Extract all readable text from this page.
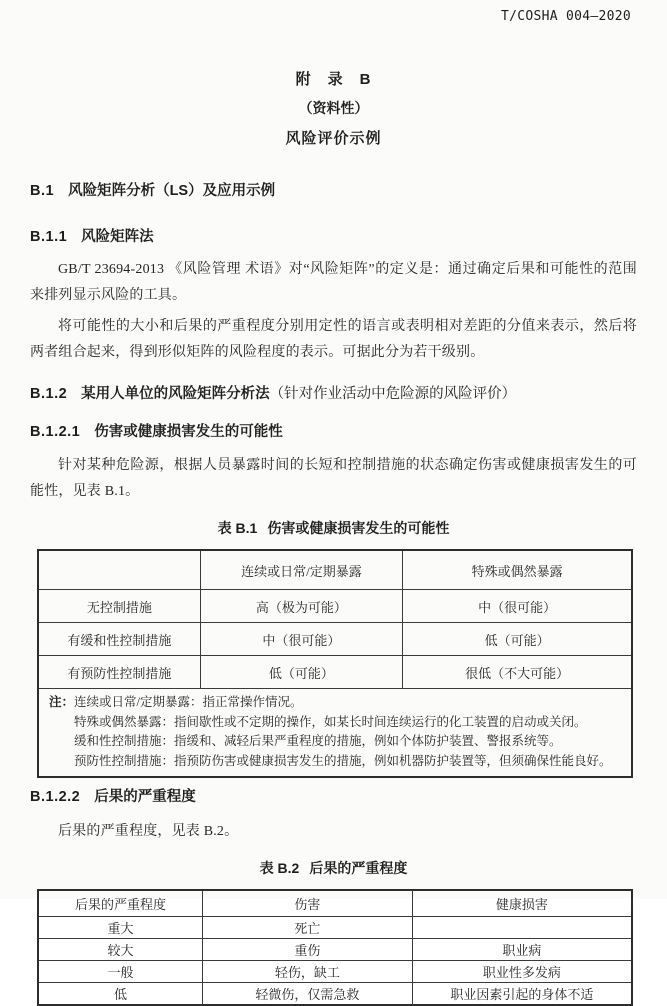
T/COSHA 004—2020
附　录　B
（资料性）
风险评价示例
B.1 风险矩阵分析（LS）及应用示例
B.1.1 风险矩阵法

GB/T 23694-2013 《风险管理 术语》对“风险矩阵”的定义是：通过确定后果和可能性的范围来排列显示风险的工具。

将可能性的大小和后果的严重程度分别用定性的语言或表明相对差距的分值来表示，然后将两者组合起来，得到形似矩阵的风险程度的表示。可据此分为若干级别。

B.1.2 某用人单位的风险矩阵分析法 （针对作业活动中危险源的风险评价）
B.1.2.1 伤害或健康损害发生的可能性

针对某种危险源，根据人员暴露时间的长短和控制措施的状态确定伤害或健康损害发生的可能性，见表 B.1。

表 B.1 伤害或健康损害发生的可能性
	连续或日常/定期暴露	特殊或偶然暴露
无控制措施	高（极为可能）	中（很可能）
有缓和性控制措施	中（很可能）	低（可能）
有预防性控制措施	低（可能）	很低（不大可能）

注： 连续或日常/定期暴露：指正常操作情况。
特殊或偶然暴露：指间歇性或不定期的操作，如某长时间连续运行的化工装置的启动或关闭。
缓和性控制措施：指缓和、减轻后果严重程度的措施，例如个体防护装置、警报系统等。
预防性控制措施：指预防伤害或健康损害发生的措施，例如机器防护装置等，但须确保性能良好。		
B.1.2.2 后果的严重程度

后果的严重程度，见表 B.2。

表 B.2 后果的严重程度
后果的严重程度	伤害	健康损害
重大	死亡	
较大	重伤	职业病
一般	轻伤，缺工	职业性多发病
低	轻微伤，仅需急救	职业因素引起的身体不适
